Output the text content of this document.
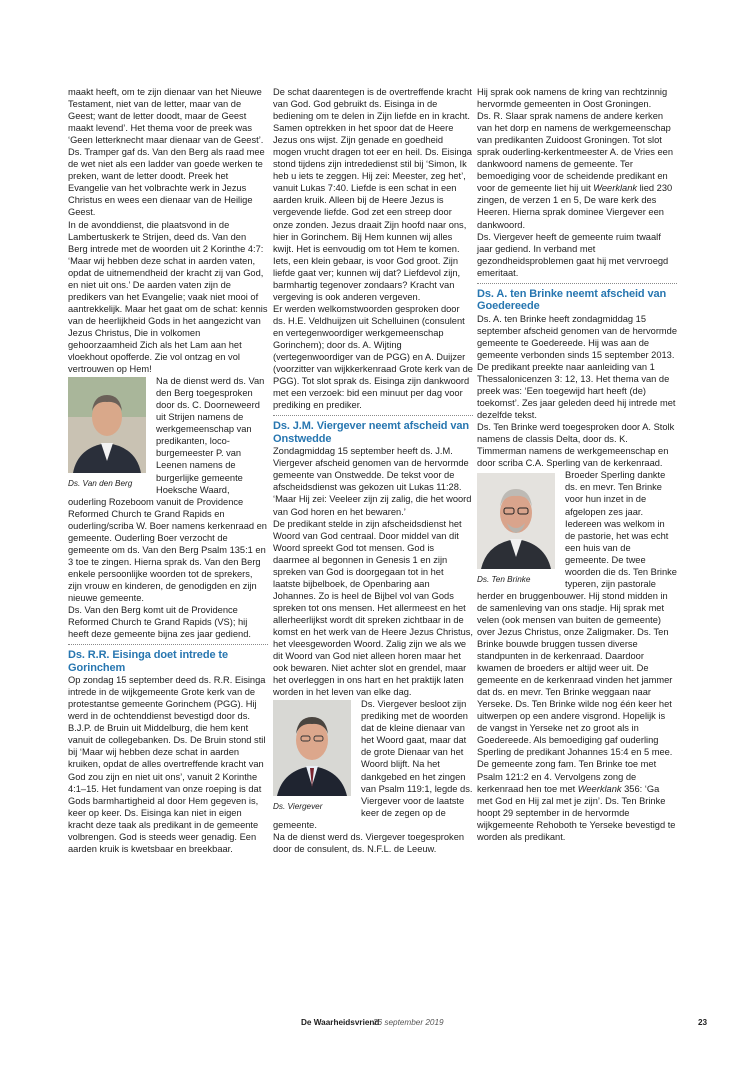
maakt heeft, om te zijn dienaar van het Nieuwe Testament, niet van de letter, maar van de Geest; want de letter doodt, maar de Geest maakt levend’. Het thema voor de preek was ‘Geen letterknecht maar dienaar van de Geest’. Ds. Tramper gaf ds. Van den Berg als raad mee de wet niet als een ladder van goede werken te preken, want de letter doodt. Preek het Evangelie van het volbrachte werk in Jezus Christus en wees een dienaar van de Heilige Geest.

In de avonddienst, die plaatsvond in de Lambertuskerk te Strijen, deed ds. Van den Berg intrede met de woorden uit 2 Korinthe 4:7: ‘Maar wij hebben deze schat in aarden vaten, opdat de uitnemendheid der kracht zij van God, en niet uit ons.’ De aarden vaten zijn de predikers van het Evangelie; vaak niet mooi of aantrekkelijk. Maar het gaat om de schat: kennis van de heerlijkheid Gods in het aangezicht van Jezus Christus, Die in volkomen gehoorzaamheid Zich als het Lam aan het vloekhout opofferde. Zie vol ontzag en vol vertrouwen op Hem!

Ds. Van den Berg

Na de dienst werd ds. Van den Berg toegesproken door ds. C. Doorneweerd uit Strijen namens de werkgemeenschap van predikanten, loco-burgemeester P. van Leenen namens de burgerlijke gemeente Hoeksche Waard, ouderling Rozeboom vanuit de Providence Reformed Church te Grand Rapids en ouderling/scriba W. Boer namens kerkenraad en gemeente. Ouderling Boer verzocht de gemeente om ds. Van den Berg Psalm 135:1 en 3 toe te zingen. Hierna sprak ds. Van den Berg enkele persoonlijke woorden tot de sprekers, zijn vrouw en kinderen, de genodigden en zijn nieuwe gemeente.

Ds. Van den Berg komt uit de Providence Reformed Church te Grand Rapids (VS); hij heeft deze gemeente bijna zes jaar gediend.

Ds. R.R. Eisinga doet intrede te Gorinchem

Op zondag 15 september deed ds. R.R. Eisinga intrede in de wijkgemeente Grote kerk van de protestantse gemeente Gorinchem (PGG). Hij werd in de ochtenddienst bevestigd door ds. B.J.P. de Bruin uit Middelburg, die hem kent vanuit de collegebanken. Ds. De Bruin stond stil bij ‘Maar wij hebben deze schat in aarden kruiken, opdat de alles overtreffende kracht van God zou zijn en niet uit ons’, vanuit 2 Korinthe 4:1–15. Het fundament van onze roeping is dat Gods barmhartigheid al door Hem gegeven is, keer op keer. Ds. Eisinga kan niet in eigen kracht deze taak als predikant in de gemeente volbrengen. God is steeds weer genadig. Een aarden kruik is kwetsbaar en breekbaar.

De schat daarentegen is de overtreffende kracht van God. God gebruikt ds. Eisinga in de bediening om te delen in Zijn liefde en in kracht. Samen optrekken in het spoor dat de Heere Jezus ons wijst. Zijn genade en goedheid mogen vrucht dragen tot eer en heil. Ds. Eisinga stond tijdens zijn intrededienst stil bij ‘Simon, Ik heb u iets te zeggen. Hij zei: Meester, zeg het’, vanuit Lukas 7:40. Liefde is een schat in een aarden kruik. Alleen bij de Heere Jezus is vergevende liefde. God zet een streep door onze zonden. Jezus draait Zijn hoofd naar ons, hier in Gorinchem. Bij Hem kunnen wij alles kwijt. Het is eenvoudig om tot Hem te komen. Iets, een klein gebaar, is voor God groot. Zijn liefde gaat ver; kunnen wij dat? Liefdevol zijn, barmhartig tegenover zondaars? Kracht van vergeving is ook anderen vergeven.

Er werden welkomstwoorden gesproken door ds. H.E. Veldhuijzen uit Schelluinen (consulent en vertegenwoordiger werkgemeenschap Gorinchem); door ds. A. Wijting (vertegenwoordiger van de PGG) en A. Duijzer (voorzitter van wijkkerkenraad Grote kerk van de PGG). Tot slot sprak ds. Eisinga zijn dankwoord met een verzoek: bid een minuut per dag voor prediking en prediker.

Ds. J.M. Viergever neemt afscheid van Onstwedde

Zondagmiddag 15 september heeft ds. J.M. Viergever afscheid genomen van de hervormde gemeente van Onstwedde. De tekst voor de afscheidsdienst was gekozen uit Lukas 11:28. ‘Maar Hij zei: Veeleer zijn zij zalig, die het woord van God horen en het bewaren.’

De predikant stelde in zijn afscheidsdienst het Woord van God centraal. Door middel van dit Woord spreekt God tot mensen. God is daarmee al begonnen in Genesis 1 en zijn spreken van God is doorgegaan tot in het laatste bijbelboek, de Openbaring aan Johannes. Zo is heel de Bijbel vol van Gods spreken tot ons mensen. Het allermeest en het allerheerlijkst wordt dit spreken zichtbaar in de komst en het werk van de Heere Jezus Christus, het vleesgeworden Woord. Zalig zijn we als we dit Woord van God niet alleen horen maar het ook bewaren. Niet achter slot en grendel, maar het overleggen in ons hart en het praktijk laten worden in het leven van elke dag.

Ds. Viergever

Ds. Viergever besloot zijn prediking met de woorden dat de kleine dienaar van het Woord gaat, maar dat de grote Dienaar van het Woord blijft. Na het dankgebed en het zingen van Psalm 119:1, legde ds. Viergever voor de laatste keer de zegen op de gemeente.

Na de dienst werd ds. Viergever toegesproken door de consulent, ds. N.F.L. de Leeuw.

Hij sprak ook namens de kring van rechtzinnig hervormde gemeenten in Oost Groningen.

Ds. R. Slaar sprak namens de andere kerken van het dorp en namens de werkgemeenschap van predikanten Zuidoost Groningen. Tot slot sprak ouderling-kerkentmeester A. de Vries een dankwoord namens de gemeente. Ter bemoediging voor de scheidende predikant en voor de gemeente liet hij uit Weerklank lied 230 zingen, de verzen 1 en 5, De ware kerk des Heeren. Hierna sprak dominee Viergever een dankwoord.

Ds. Viergever heeft de gemeente ruim twaalf jaar gediend. In verband met gezondheidsproblemen gaat hij met vervroegd emeritaat.

Ds. A. ten Brinke neemt afscheid van Goedereede

Ds. A. ten Brinke heeft zondagmiddag 15 september afscheid genomen van de hervormde gemeente te Goedereede. Hij was aan de gemeente verbonden sinds 15 september 2013.

De predikant preekte naar aanleiding van 1 Thessalonicenzen 3: 12, 13. Het thema van de preek was: ‘Een toegewijd hart heeft (de) toekomst’. Zes jaar geleden deed hij intrede met dezelfde tekst.

Ds. Ten Brinke werd toegesproken door A. Stolk namens de classis Delta, door ds. K. Timmerman namens de werkgemeenschap en door scriba C.A. Sperling van de kerkenraad.

Ds. Ten Brinke

Broeder Sperling dankte ds. en mevr. Ten Brinke voor hun inzet in de afgelopen zes jaar. Iedereen was welkom in de pastorie, het was echt een huis van de gemeente. De twee woorden die ds. Ten Brinke typeren, zijn pastorale herder en bruggenbouwer. Hij stond midden in de samenleving van ons stadje. Hij sprak met velen (ook mensen van buiten de gemeente) over Jezus Christus, onze Zaligmaker. Ds. Ten Brinke bouwde bruggen tussen diverse standpunten in de kerkenraad. Daardoor kwamen de broeders er altijd weer uit. De gemeente en de kerkenraad vinden het jammer dat ds. en mevr. Ten Brinke weggaan naar Yerseke. Ds. Ten Brinke wilde nog één keer het uitwerpen op een andere visgrond. Hopelijk is de vangst in Yerseke net zo groot als in Goedereede. Als bemoediging gaf ouderling Sperling de predikant Johannes 15:4 en 5 mee. De gemeente zong fam. Ten Brinke toe met Psalm 121:2 en 4. Vervolgens zong de kerkenraad hen toe met Weerklank 356: ‘Ga met God en Hij zal met je zijn’. Ds. Ten Brinke hoopt 29 september in de hervormde wijkgemeente Rehoboth te Yerseke bevestigd te worden als predikant.

De Waarheidsvriend
26 september 2019	23
